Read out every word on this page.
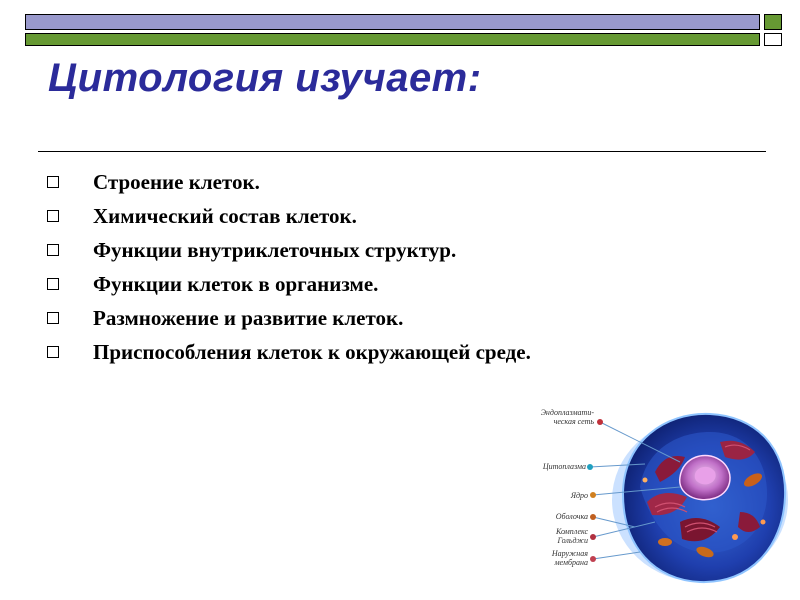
Цитология изучает:
Строение клеток.
Химический состав клеток.
Функции внутриклеточных структур.
Функции клеток в организме.
Размножение и развитие клеток.
Приспособления клеток к окружающей среде.
Эндоплазмати-
ческая сеть
Цитоплазма
Ядро
Оболочка
Комплекс
Гольджи
Наружная
мембрана
